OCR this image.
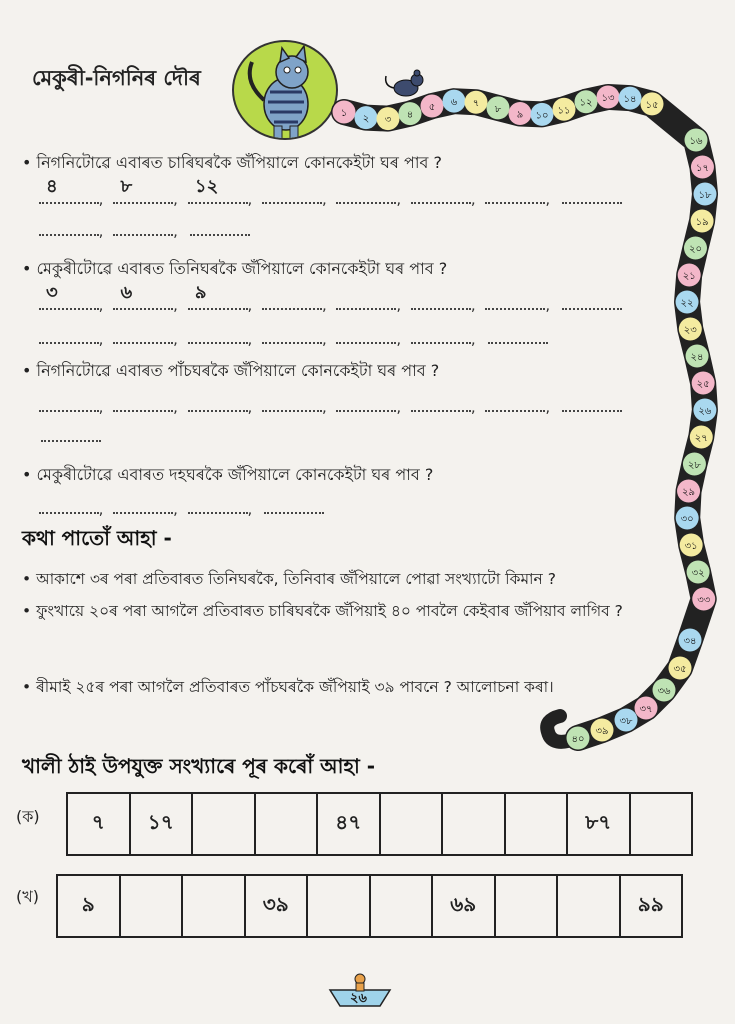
মেকুৰী-নিগনিৰ দৌৰ
১
২ ৩ ৪
৫ ৬ ৭
৮
৯ ১০ ১১
১২ ১৩ ১৪
১৫
১৬
১৭
১৮
১৯
২০
২১
২২
২৩
২৪
২৫
২৬
২৭
২৮
২৯
৩০
৩১
৩২
৩৩
৩৪
৩৫
৩৬
৩৭
৩৮
৩৯
৪০
• নিগনিটোৱে এবাৰত চাৰিঘৰকৈ জঁপিয়ালে কোনকেইটা ঘৰ পাব ?
৪
,
৮
,
১২
,	,	,	,	,
,	,
• মেকুৰীটোৱে এবাৰত তিনিঘৰকৈ জঁপিয়ালে কোনকেইটা ঘৰ পাব ?
৩
,
৬
,
৯
,	,	,	,	,
,	,	,	,	,	,
• নিগনিটোৱে এবাৰত পাঁচঘৰকৈ জঁপিয়ালে কোনকেইটা ঘৰ পাব ?
,	,	,	,	,	,	,
• মেকুৰীটোৱে এবাৰত দহঘৰকৈ জঁপিয়ালে কোনকেইটা ঘৰ পাব ?
,	,	,
কথা পাতোঁ আহা -
• আকাশে ৩ৰ পৰা প্ৰতিবাৰত তিনিঘৰকৈ, তিনিবাৰ জঁপিয়ালে পোৱা সংখ্যাটো কিমান ?
• ফুংখায়ে ২০ৰ পৰা আগলৈ প্ৰতিবাৰত চাৰিঘৰকৈ জঁপিয়াই ৪০ পাবলৈ কেইবাৰ জঁপিয়াব লাগিব ?
• ৰীমাই ২৫ৰ পৰা আগলৈ প্ৰতিবাৰত পাঁচঘৰকৈ জঁপিয়াই ৩৯ পাবনে ? আলোচনা কৰা।
খালী ঠাই উপযুক্ত সংখ্যাৰে পূৰ কৰোঁ আহা -
(ক)	৭	১৭			৪৭				৮৭	
(খ) ৯			৩৯			৬৯			৯৯
২৬
